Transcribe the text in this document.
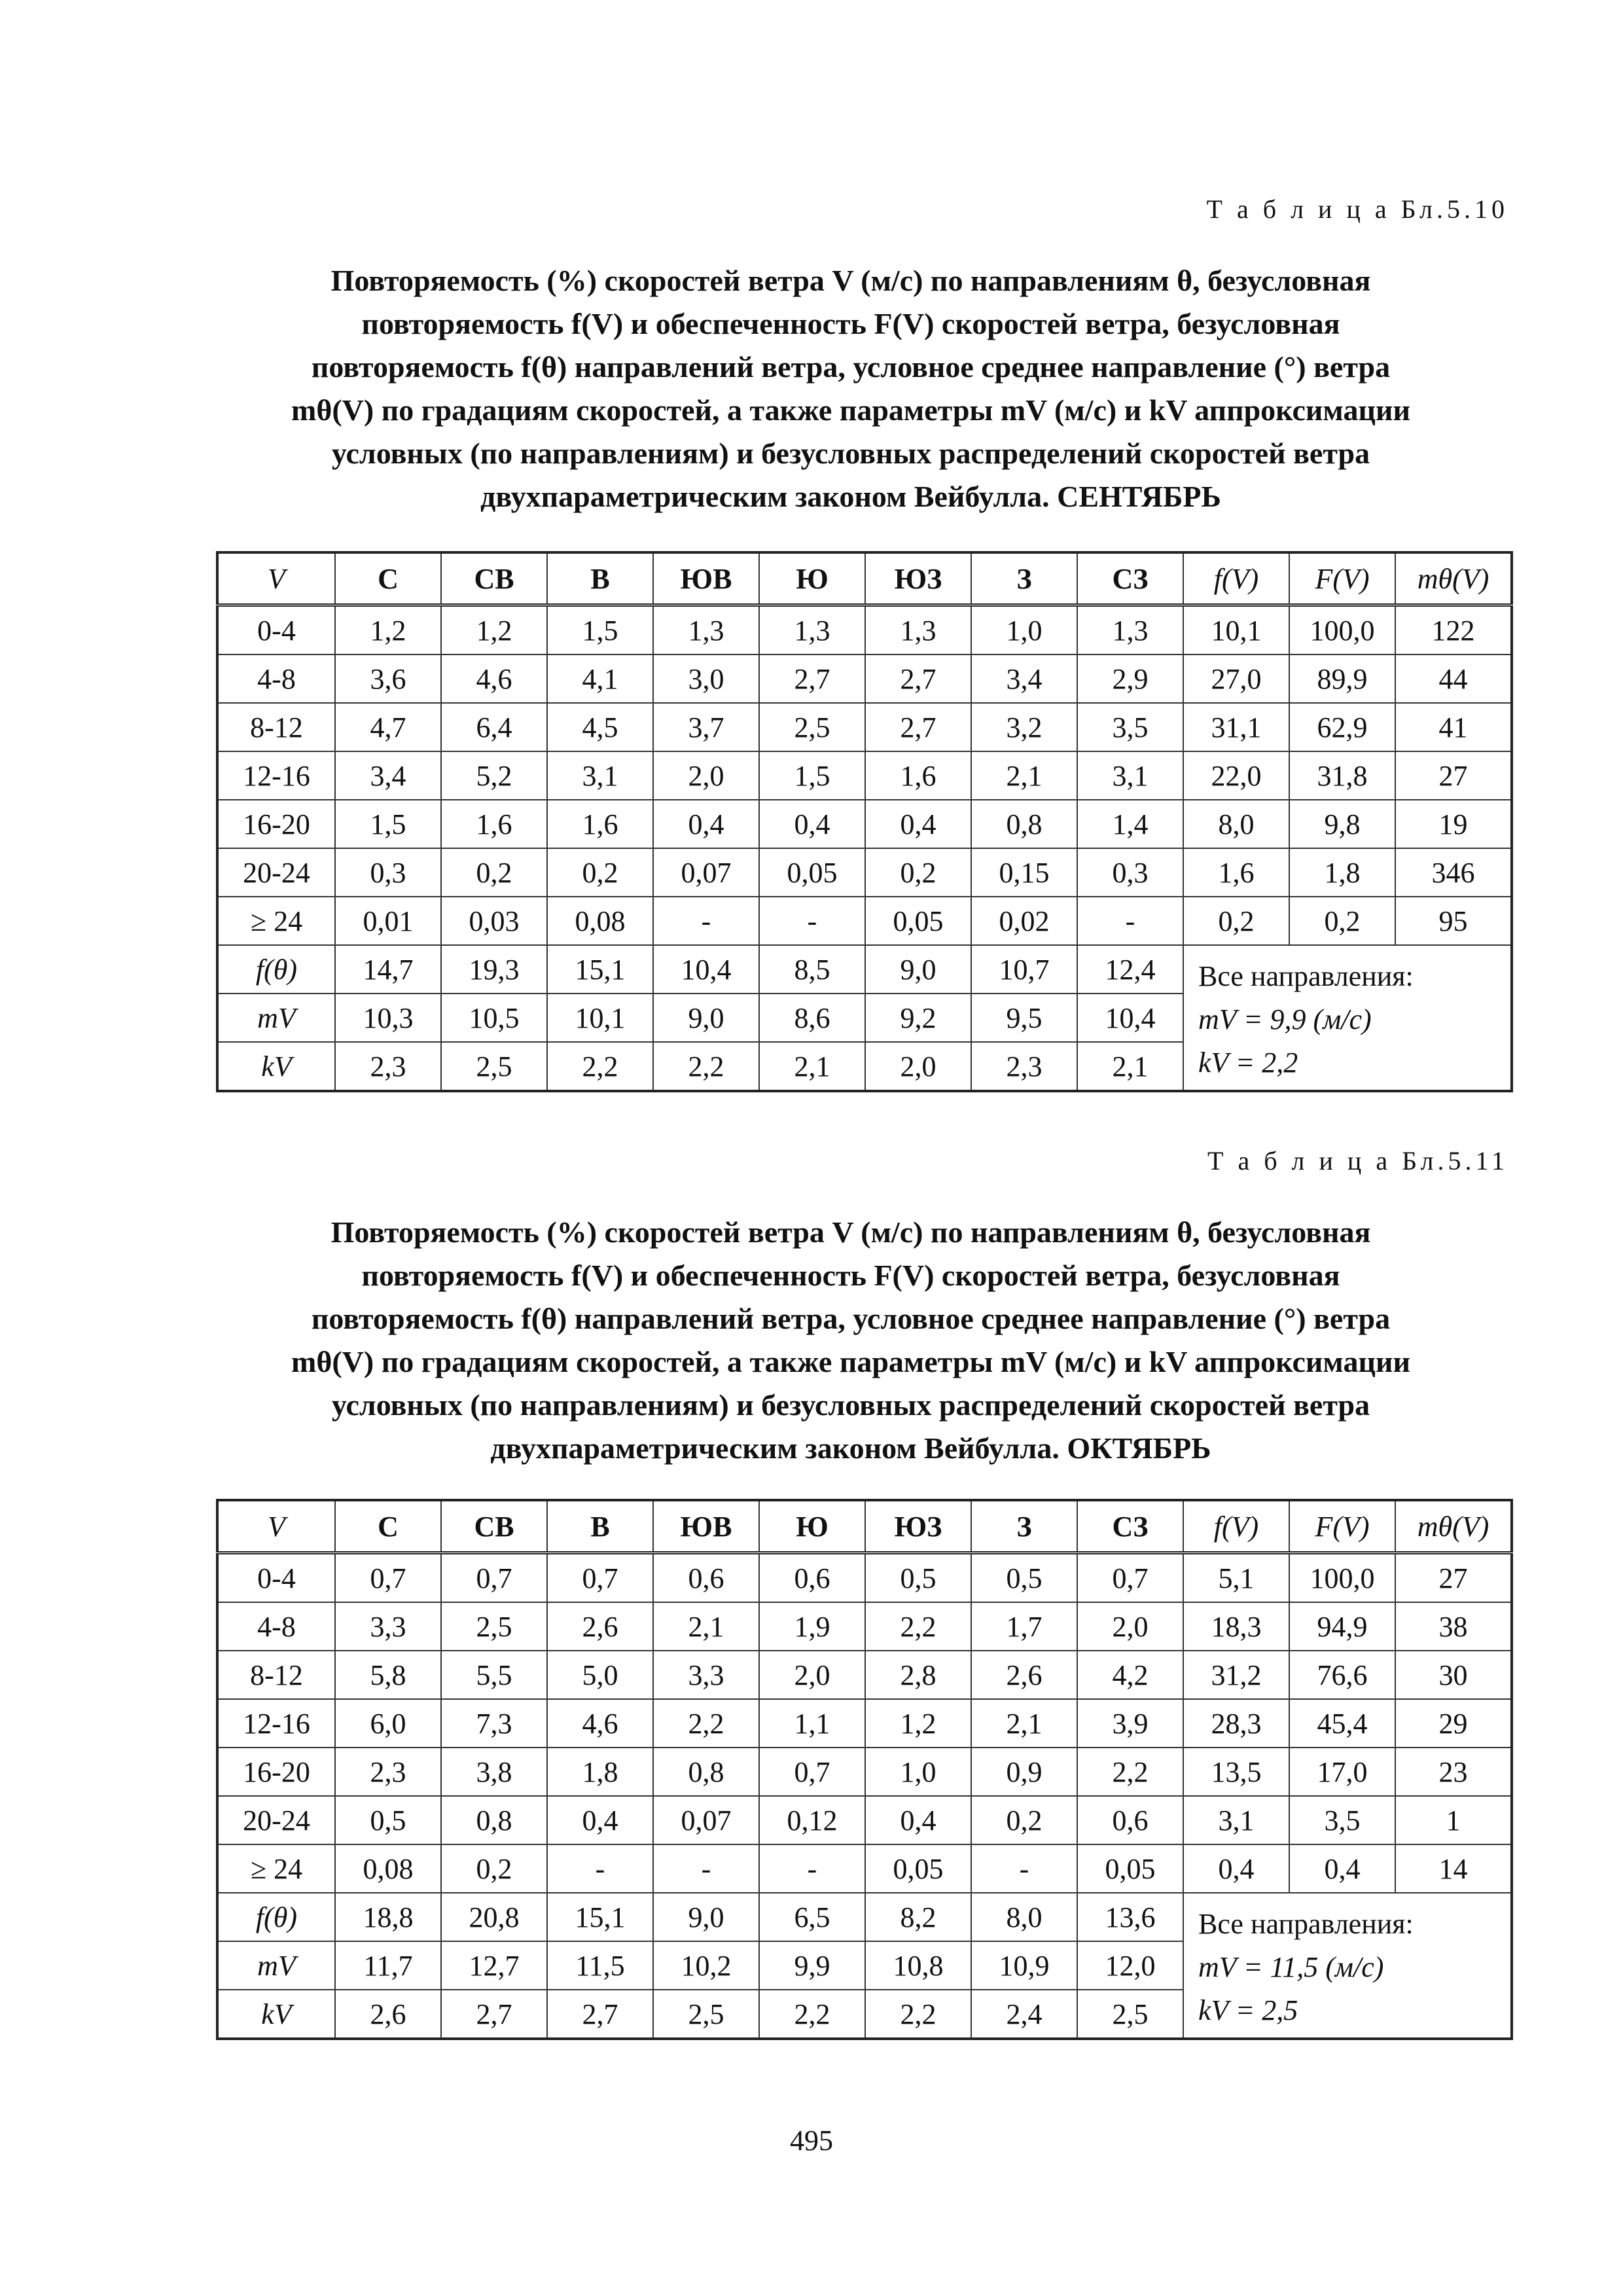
Т а б л и ц а Бл.5.10
Повторяемость (%) скоростей ветра V (м/с) по направлениям θ, безусловная
повторяемость f(V) и обеспеченность F(V) скоростей ветра, безусловная
повторяемость f(θ) направлений ветра, условное среднее направление (°) ветра
mθ(V) по градациям скоростей, а также параметры mV (м/с) и kV аппроксимации
условных (по направлениям) и безусловных распределений скоростей ветра
двухпараметрическим законом Вейбулла. СЕНТЯБРЬ
V	С	СВ	В	ЮВ	Ю	ЮЗ	З	СЗ	f(V)	F(V)	mθ(V)
0-4	1,2	1,2	1,5	1,3	1,3	1,3	1,0	1,3	10,1	100,0	122
4-8	3,6	4,6	4,1	3,0	2,7	2,7	3,4	2,9	27,0	89,9	44
8-12	4,7	6,4	4,5	3,7	2,5	2,7	3,2	3,5	31,1	62,9	41
12-16	3,4	5,2	3,1	2,0	1,5	1,6	2,1	3,1	22,0	31,8	27
16-20	1,5	1,6	1,6	0,4	0,4	0,4	0,8	1,4	8,0	9,8	19
20-24	0,3	0,2	0,2	0,07	0,05	0,2	0,15	0,3	1,6	1,8	346
≥ 24	0,01	0,03	0,08	-	-	0,05	0,02	-	0,2	0,2	95
f(θ)	14,7	19,3	15,1	10,4	8,5	9,0	10,7	12,4	Все направления:
mV = 9,9 (м/с)
kV = 2,2		

mV	10,3	10,5	10,1	9,0	8,6	9,2	9,5	10,4			
kV	2,3	2,5	2,2	2,2	2,1	2,0	2,3	2,1			
Т а б л и ц а Бл.5.11
Повторяемость (%) скоростей ветра V (м/с) по направлениям θ, безусловная
повторяемость f(V) и обеспеченность F(V) скоростей ветра, безусловная
повторяемость f(θ) направлений ветра, условное среднее направление (°) ветра
mθ(V) по градациям скоростей, а также параметры mV (м/с) и kV аппроксимации
условных (по направлениям) и безусловных распределений скоростей ветра
двухпараметрическим законом Вейбулла. ОКТЯБРЬ
V	С	СВ	В	ЮВ	Ю	ЮЗ	З	СЗ	f(V)	F(V)	mθ(V)
0-4	0,7	0,7	0,7	0,6	0,6	0,5	0,5	0,7	5,1	100,0	27
4-8	3,3	2,5	2,6	2,1	1,9	2,2	1,7	2,0	18,3	94,9	38
8-12	5,8	5,5	5,0	3,3	2,0	2,8	2,6	4,2	31,2	76,6	30
12-16	6,0	7,3	4,6	2,2	1,1	1,2	2,1	3,9	28,3	45,4	29
16-20	2,3	3,8	1,8	0,8	0,7	1,0	0,9	2,2	13,5	17,0	23
20-24	0,5	0,8	0,4	0,07	0,12	0,4	0,2	0,6	3,1	3,5	1
≥ 24	0,08	0,2	-	-	-	0,05	-	0,05	0,4	0,4	14
f(θ)	18,8	20,8	15,1	9,0	6,5	8,2	8,0	13,6	Все направления:
mV = 11,5 (м/с)
kV = 2,5		

mV	11,7	12,7	11,5	10,2	9,9	10,8	10,9	12,0			
kV	2,6	2,7	2,7	2,5	2,2	2,2	2,4	2,5			
495
